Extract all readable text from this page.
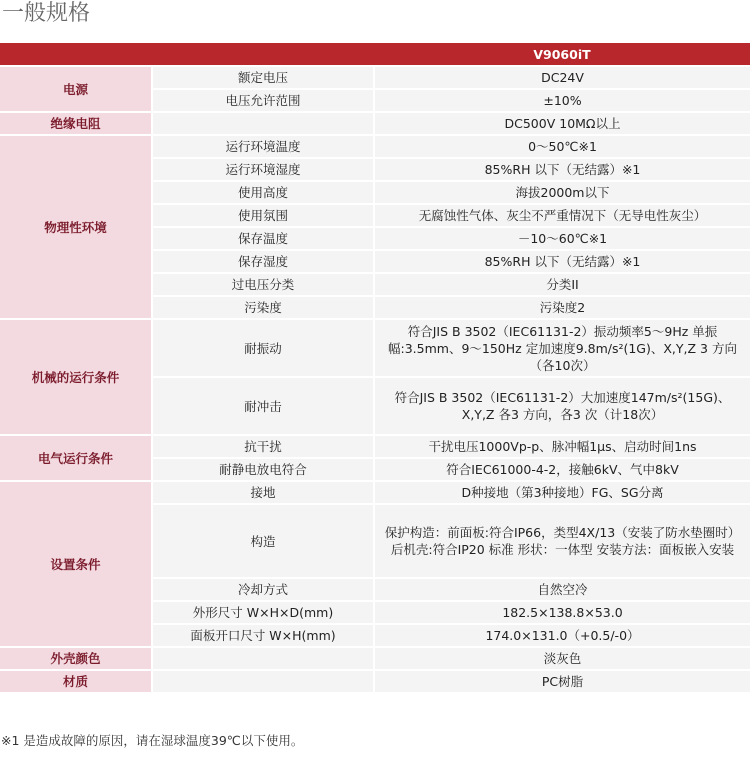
一般规格
		V9060iT
电源	额定电压	DC24V
	电压允许范围	±10%
绝缘电阻		DC500V 10MΩ以上
物理性环境	运行环境温度	0～50℃※1
	运行环境湿度	85%RH 以下（无结露）※1
	使用高度	海拔2000m以下
	使用氛围	无腐蚀性气体、灰尘不严重情况下（无导电性灰尘）
	保存温度	－10～60℃※1
	保存湿度	85%RH 以下（无结露）※1
	过电压分类	分类II
	污染度	污染度2
机械的运行条件	耐振动	符合JIS B 3502（IEC61131-2）振动频率5～9Hz 单振幅:3.5mm、9～150Hz 定加速度9.8m/s²(1G)、X,Y,Z 3 方向（各10次）
	耐冲击	符合JIS B 3502（IEC61131-2）大加速度147m/s²(15G)、X,Y,Z 各3 方向，各3 次（计18次）
电气运行条件	抗干扰	干扰电压1000Vp-p、脉冲幅1μs、启动时间1ns
	耐静电放电符合	符合IEC61000-4-2，接触6kV、气中8kV
设置条件	接地	D种接地（第3种接地）FG、SG分离
	构造	保护构造：前面板:符合IP66，类型4X/13（安装了防水垫圈时）后机壳:符合IP20 标准 形状：一体型 安装方法：面板嵌入安装
	冷却方式	自然空冷
	外形尺寸 W×H×D(mm)	182.5×138.8×53.0
	面板开口尺寸 W×H(mm)	174.0×131.0（+0.5/-0）
外壳颜色		淡灰色
材质		PC树脂
※1 是造成故障的原因，请在湿球温度39℃以下使用。
